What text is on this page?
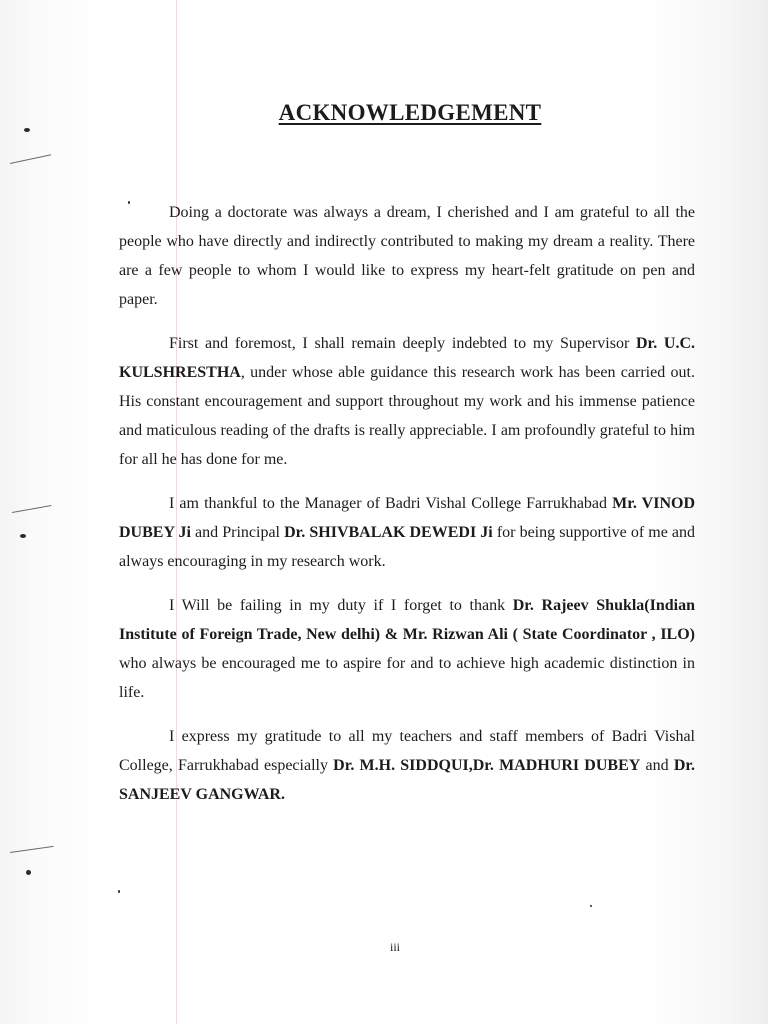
ACKNOWLEDGEMENT

Doing a doctorate was always a dream, I cherished and I am grateful to all the people who have directly and indirectly contributed to making my dream a reality. There are a few people to whom I would like to express my heart-felt gratitude on pen and paper.

First and foremost, I shall remain deeply indebted to my Supervisor Dr. U.C. KULSHRESTHA, under whose able guidance this research work has been carried out. His constant encouragement and support throughout my work and his immense patience and maticulous reading of the drafts is really appreciable. I am profoundly grateful to him for all he has done for me.

I am thankful to the Manager of Badri Vishal College Farrukhabad Mr. VINOD DUBEY Ji and Principal Dr. SHIVBALAK DEWEDI Ji for being supportive of me and always encouraging in my research work.

I Will be failing in my duty if I forget to thank Dr. Rajeev Shukla(Indian Institute of Foreign Trade, New delhi) & Mr. Rizwan Ali ( State Coordinator , ILO) who always be encouraged me to aspire for and to achieve high academic distinction in life.

I express my gratitude to all my teachers and staff members of Badri Vishal College, Farrukhabad especially Dr. M.H. SIDDQUI,Dr. MADHURI DUBEY and Dr. SANJEEV GANGWAR.

iii
